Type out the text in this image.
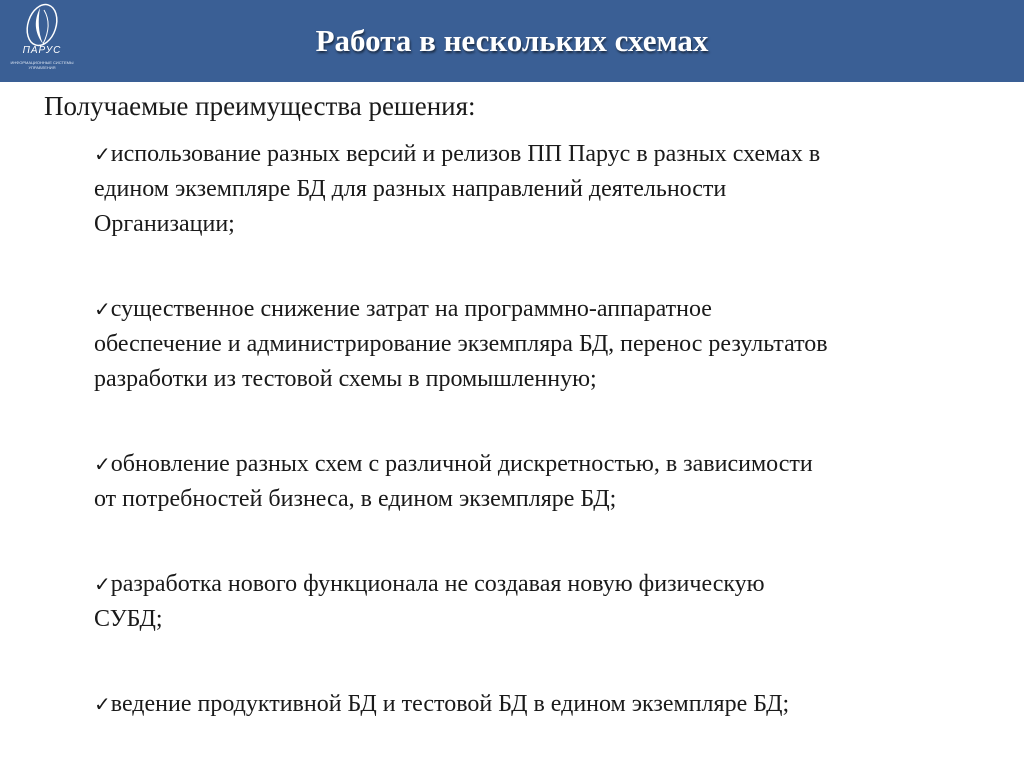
ПАРУС
ИНФОРМАЦИОННЫЕ СИСТЕМЫ УПРАВЛЕНИЯ
Работа в нескольких схемах

Получаемые преимущества решения:

✓использование разных версий и релизов ПП Парус в разных схемах в
едином экземпляре БД для разных направлений деятельности
Организации;
✓существенное снижение затрат на программно-аппаратное
обеспечение и администрирование экземпляра БД, перенос результатов
разработки из тестовой схемы в промышленную;
✓обновление разных схем с различной дискретностью, в зависимости
от потребностей бизнеса, в едином экземпляре БД;
✓разработка нового функционала не создавая новую физическую
СУБД;
✓ведение продуктивной БД и тестовой БД в едином экземпляре БД;
